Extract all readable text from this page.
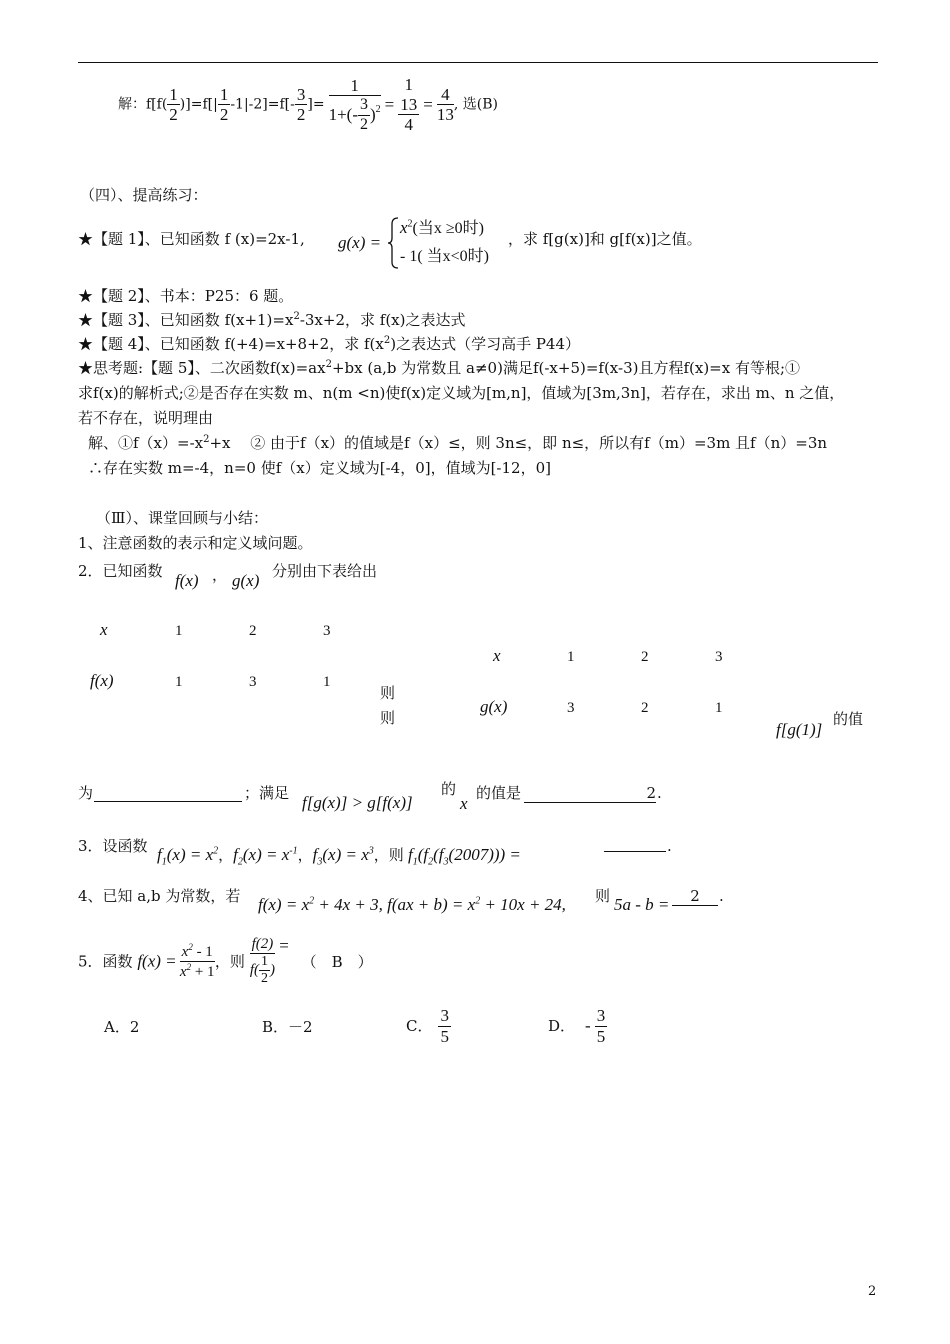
解：$f[f( \frac{1}{2} )]=f[| \frac{1}{2} -1|-2]=f[- \frac{3}{2}$ ]= $\frac{1}{1+(- \frac{3}{2} )^2}$ =
1
13
4
= $\frac{4}{13}$ , 选(B)
（四）、提高练习：
★【题 1】、已知函数 f (x)=2x-1, g(x) =
$x^2$(当x ≥0时)
- 1( 当x<0时)
，求 f[g(x)]和 g[f(x)]之值。
★【题 2】、书本：P25：6 题。
★【题 3】、已知函数 $f(x+1)=x^2-3x+2$，求 f(x)之表达式
★【题 4】、已知函数 f(+4)=x+8+2，求 $f(x^2)$之表达式（学习高手 P44）
★思考题:【题 5】、二次函数$f(x)=ax^2+bx$ (a,b 为常数且 a≠0)满足f(-x+5)=f(x-3)且方程f(x)=x 有等根;①
求f(x)的解析式;②是否存在实数 m、n(m <n)使f(x)定义域为[m,n]，值域为[3m,3n]，若存在，求出 m、n 之值，
若不存在，说明理由
解、$①f(x)=-x^2+x$　 ② 由于f（x）的值域是f（x）≤，则 3n≤，即 n≤，所以有f（m）=3m 且f（n）=3n
∴存在实数 m=-4，n=0 使f（x）定义域为[-4，0]，值域为[-12，0]
（Ⅲ）、课堂回顾与小结：
1、注意函数的表示和定义域问题。
2．已知函数 f(x) ， g(x) 分别由下表给出
x	1	2	3
f(x)	1	3	1
则
则
x	1	2	3
g(x)	3	2	1
f[g(1)]
的值
为	；满足 f[g(x)] > g[f(x)]
的
x
的值是	2 .
3．设函数 $f_1(x) = x^2$，$f_2(x) = x^{-1}$，$f_3(x) = x^3$，则 $f_1(f_2(f_3(2007)))$ =	.
4、已知 a,b 为常数，若 $f(x) = x^2 + 4x + 3$, $f(ax + b) = x^2 + 10x + 24$, 则 5a - b =	2	.
5．函数 $f(x) = \frac{x^2 - 1}{x^2 + 1}$ ，则 $\frac{f(2)}{f( \frac{1}{2} )}$ = （　B　）
A．2	B．－2	C． $\frac{3}{5}$	D． - $\frac{3}{5}$
2
